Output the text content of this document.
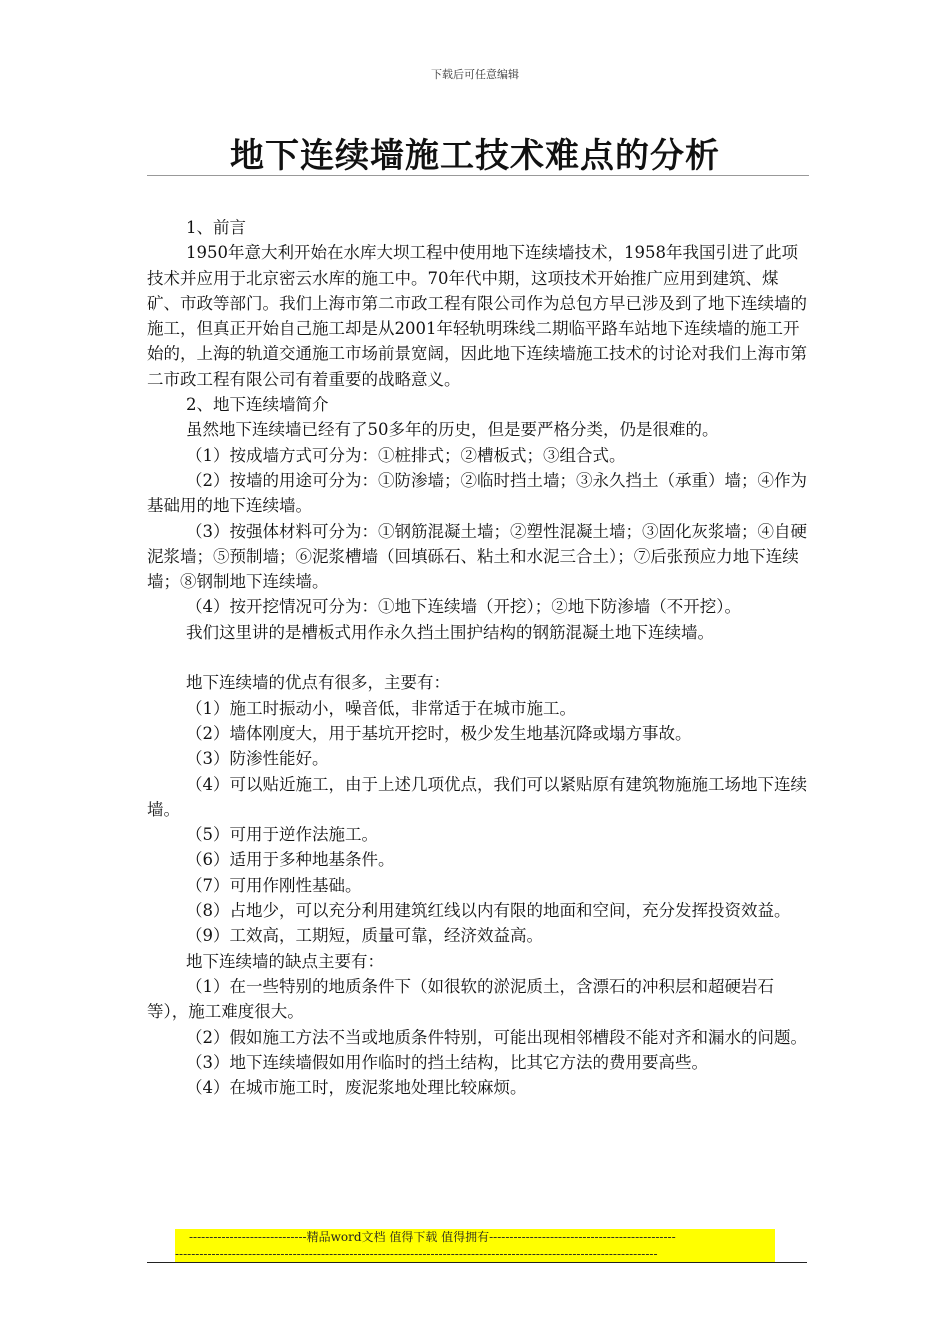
下载后可任意编辑
地下连续墙施工技术难点的分析

1、前言

1950年意大利开始在水库大坝工程中使用地下连续墙技术，1958年我国引进了此项技术并应用于北京密云水库的施工中。70年代中期，这项技术开始推广应用到建筑、煤矿、市政等部门。我们上海市第二市政工程有限公司作为总包方早已涉及到了地下连续墙的施工，但真正开始自己施工却是从2001年轻轨明珠线二期临平路车站地下连续墙的施工开始的，上海的轨道交通施工市场前景宽阔，因此地下连续墙施工技术的讨论对我们上海市第二市政工程有限公司有着重要的战略意义。

2、地下连续墙简介

虽然地下连续墙已经有了50多年的历史，但是要严格分类，仍是很难的。

（1）按成墙方式可分为：①桩排式；②槽板式；③组合式。

（2）按墙的用途可分为：①防渗墙；②临时挡土墙；③永久挡土（承重）墙；④作为基础用的地下连续墙。

（3）按强体材料可分为：①钢筋混凝土墙；②塑性混凝土墙；③固化灰浆墙；④自硬泥浆墙；⑤预制墙；⑥泥浆槽墙（回填砾石、粘土和水泥三合土）；⑦后张预应力地下连续墙；⑧钢制地下连续墙。

（4）按开挖情况可分为：①地下连续墙（开挖）；②地下防渗墙（不开挖）。

我们这里讲的是槽板式用作永久挡土围护结构的钢筋混凝土地下连续墙。

地下连续墙的优点有很多，主要有：

（1）施工时振动小，噪音低，非常适于在城市施工。

（2）墙体刚度大，用于基坑开挖时，极少发生地基沉降或塌方事故。

（3）防渗性能好。

（4）可以贴近施工，由于上述几项优点，我们可以紧贴原有建筑物施施工场地下连续墙。

（5）可用于逆作法施工。

（6）适用于多种地基条件。

（7）可用作刚性基础。

（8）占地少，可以充分利用建筑红线以内有限的地面和空间，充分发挥投资效益。

（9）工效高，工期短，质量可靠，经济效益高。

地下连续墙的缺点主要有：

（1）在一些特别的地质条件下（如很软的淤泥质土，含漂石的冲积层和超硬岩石等），施工难度很大。

（2）假如施工方法不当或地质条件特别，可能出现相邻槽段不能对齐和漏水的问题。

（3）地下连续墙假如用作临时的挡土结构，比其它方法的费用要高些。

（4）在城市施工时，废泥浆地处理比较麻烦。

-----------------------------精品word文档 值得下载 值得拥有----------------------------------------------
-----------------------------------------------------------------------------------------------------------------------
